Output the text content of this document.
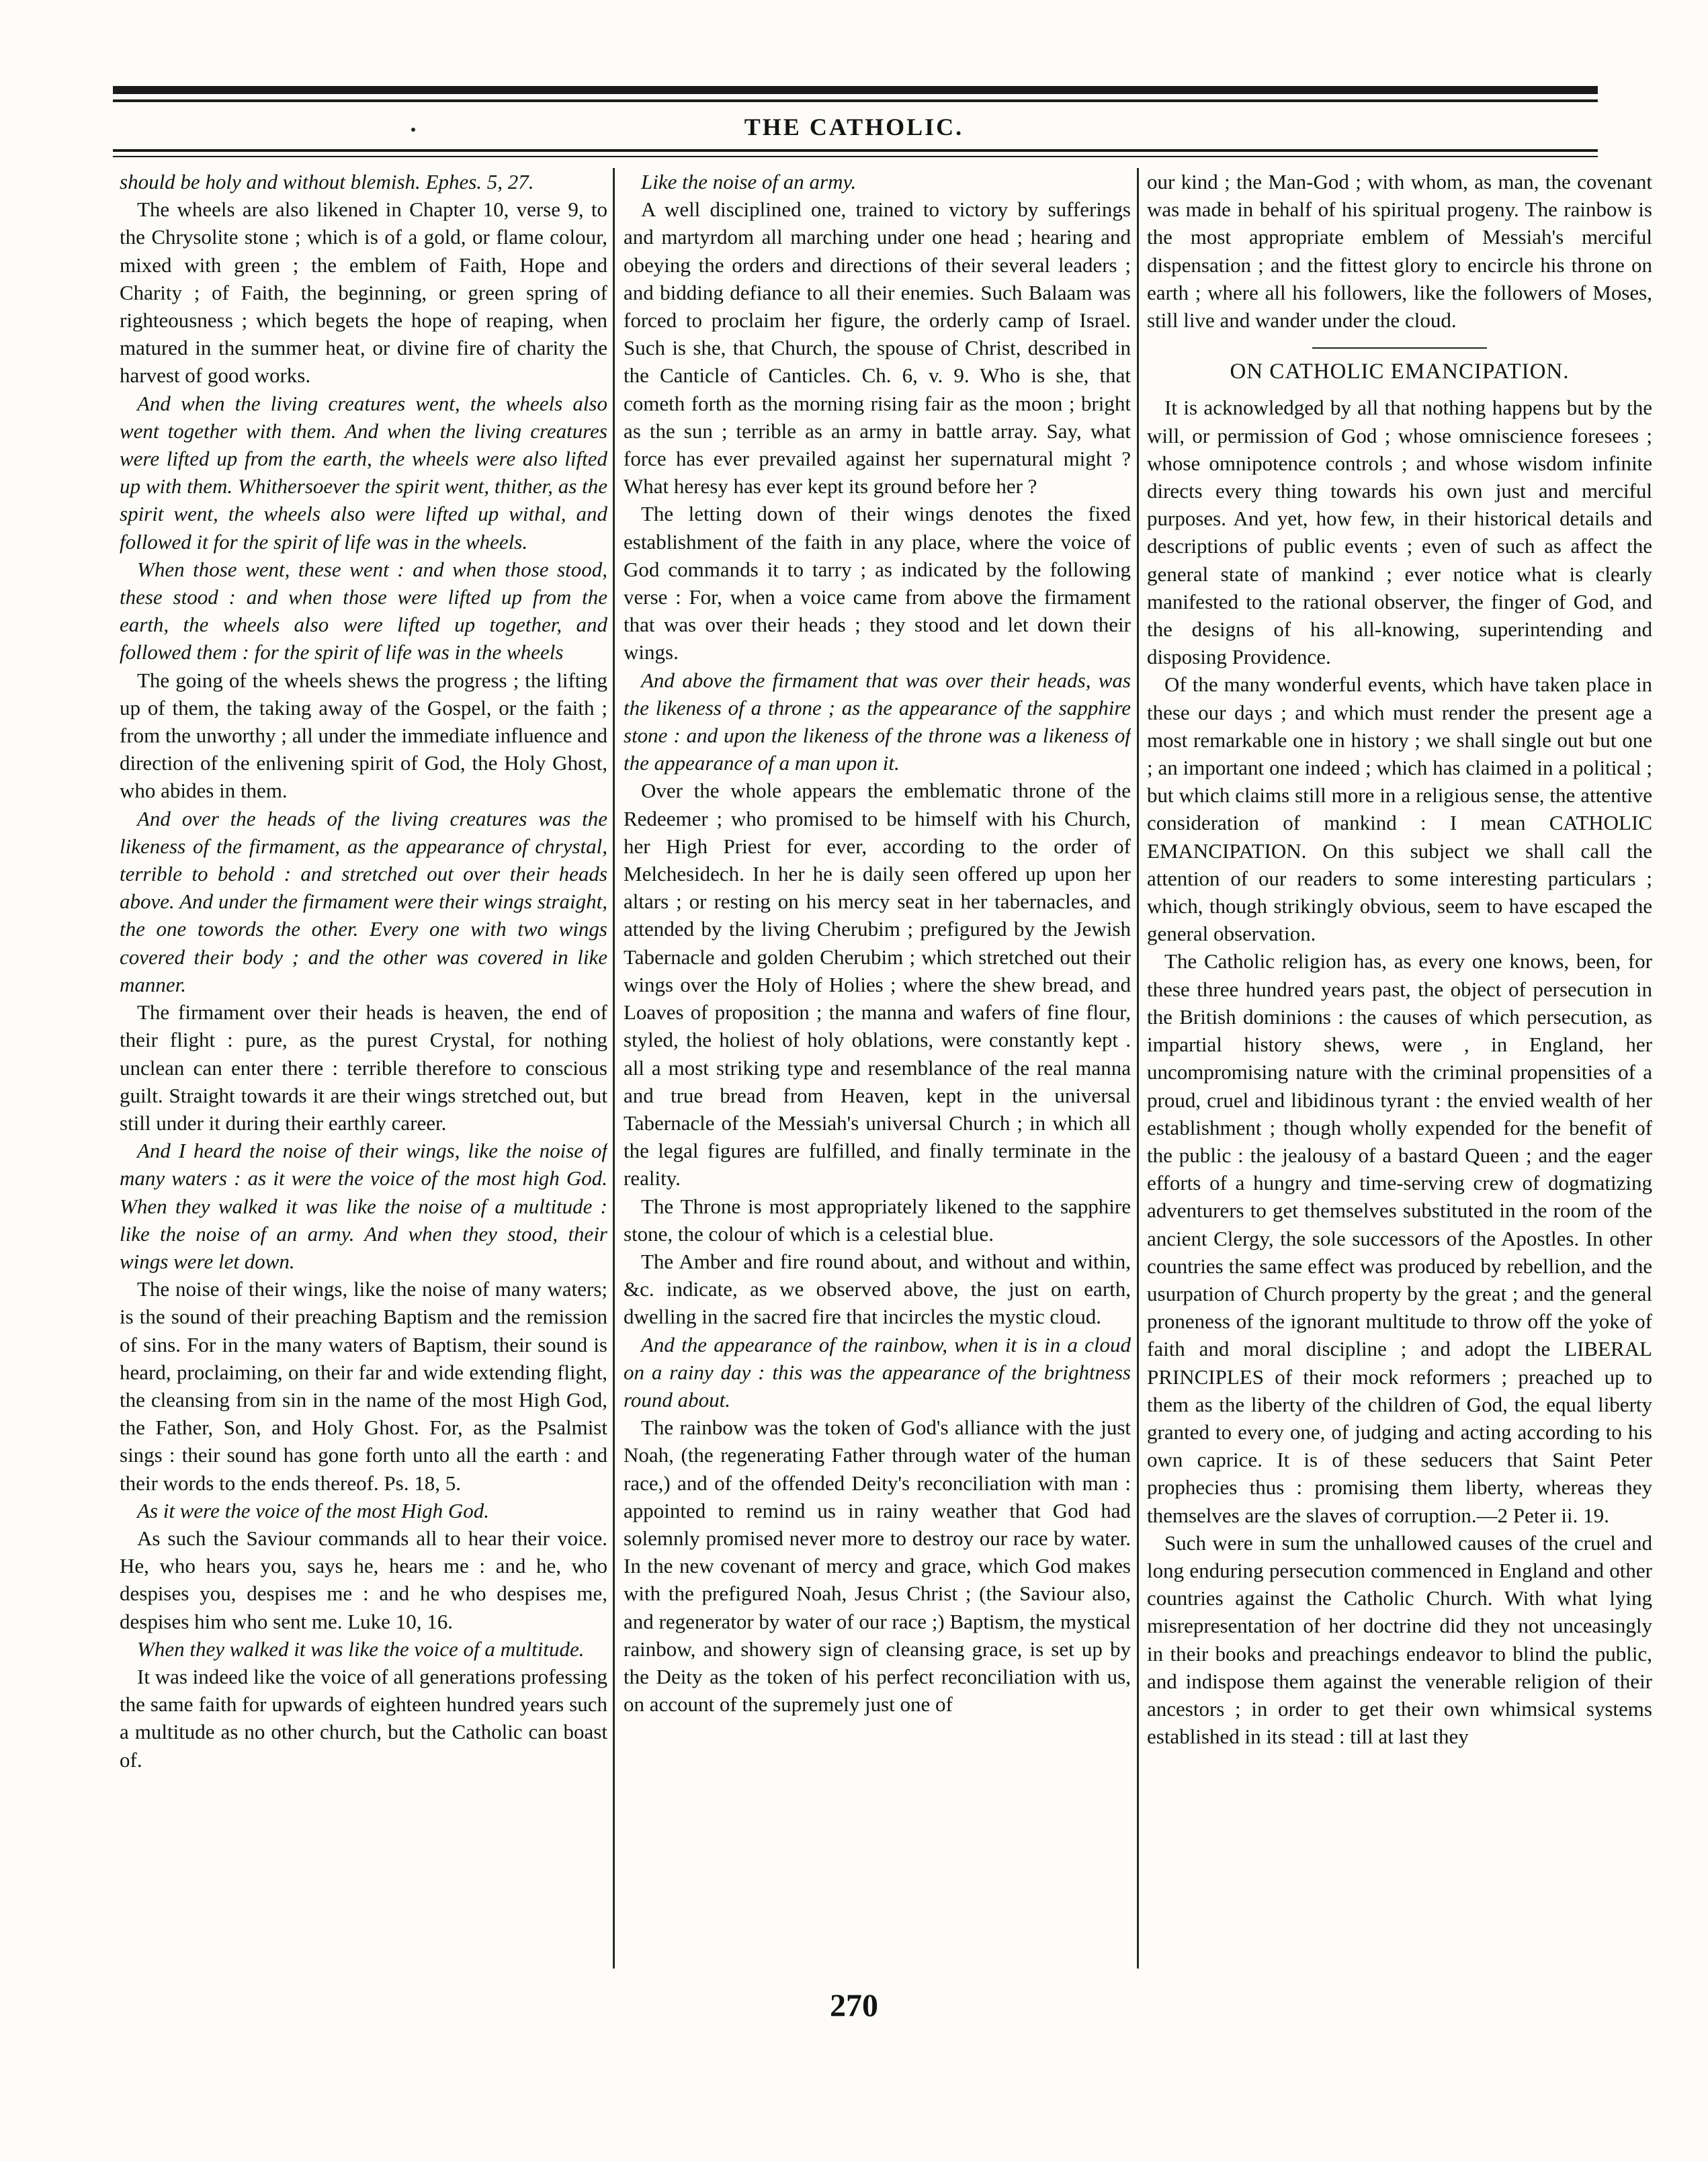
THE CATHOLIC.

should be holy and without blemish. Ephes. 5, 27.

The wheels are also likened in Chapter 10, verse 9, to the Chrysolite stone ; which is of a gold, or flame colour, mixed with green ; the emblem of Faith, Hope and Charity ; of Faith, the beginning, or green spring of righteousness ; which begets the hope of reaping, when matured in the summer heat, or divine fire of charity the harvest of good works.

And when the living creatures went, the wheels also went together with them. And when the living creatures were lifted up from the earth, the wheels were also lifted up with them. Whithersoever the spirit went, thither, as the spirit went, the wheels also were lifted up withal, and followed it for the spirit of life was in the wheels.

When those went, these went : and when those stood, these stood : and when those were lifted up from the earth, the wheels also were lifted up together, and followed them : for the spirit of life was in the wheels

The going of the wheels shews the progress ; the lifting up of them, the taking away of the Gospel, or the faith ; from the unworthy ; all under the immediate influence and direction of the enlivening spirit of God, the Holy Ghost, who abides in them.

And over the heads of the living creatures was the likeness of the firmament, as the appearance of chrystal, terrible to behold : and stretched out over their heads above. And under the firmament were their wings straight, the one towords the other. Every one with two wings covered their body ; and the other was covered in like manner.

The firmament over their heads is heaven, the end of their flight : pure, as the purest Crystal, for nothing unclean can enter there : terrible therefore to conscious guilt. Straight towards it are their wings stretched out, but still under it during their earthly career.

And I heard the noise of their wings, like the noise of many waters : as it were the voice of the most high God. When they walked it was like the noise of a multitude : like the noise of an army. And when they stood, their wings were let down.

The noise of their wings, like the noise of many waters; is the sound of their preaching Baptism and the remission of sins. For in the many waters of Baptism, their sound is heard, proclaiming, on their far and wide extending flight, the cleansing from sin in the name of the most High God, the Father, Son, and Holy Ghost. For, as the Psalmist sings : their sound has gone forth unto all the earth : and their words to the ends thereof. Ps. 18, 5.

As it were the voice of the most High God.

As such the Saviour commands all to hear their voice. He, who hears you, says he, hears me : and he, who despises you, despises me : and he who despises me, despises him who sent me. Luke 10, 16.

When they walked it was like the voice of a multitude.

It was indeed like the voice of all generations professing the same faith for upwards of eighteen hundred years such a multitude as no other church, but the Catholic can boast of.

Like the noise of an army.

A well disciplined one, trained to victory by sufferings and martyrdom all marching under one head ; hearing and obeying the orders and directions of their several leaders ; and bidding defiance to all their enemies. Such Balaam was forced to proclaim her figure, the orderly camp of Israel. Such is she, that Church, the spouse of Christ, described in the Canticle of Canticles. Ch. 6, v. 9. Who is she, that cometh forth as the morning rising fair as the moon ; bright as the sun ; terrible as an army in battle array. Say, what force has ever prevailed against her supernatural might ? What heresy has ever kept its ground before her ?

The letting down of their wings denotes the fixed establishment of the faith in any place, where the voice of God commands it to tarry ; as indicated by the following verse : For, when a voice came from above the firmament that was over their heads ; they stood and let down their wings.

And above the firmament that was over their heads, was the likeness of a throne ; as the appearance of the sapphire stone : and upon the likeness of the throne was a likeness of the appearance of a man upon it.

Over the whole appears the emblematic throne of the Redeemer ; who promised to be himself with his Church, her High Priest for ever, according to the order of Melchesidech. In her he is daily seen offered up upon her altars ; or resting on his mercy seat in her tabernacles, and attended by the living Cherubim ; prefigured by the Jewish Tabernacle and golden Cherubim ; which stretched out their wings over the Holy of Holies ; where the shew bread, and Loaves of proposition ; the manna and wafers of fine flour, styled, the holiest of holy oblations, were constantly kept . all a most striking type and resemblance of the real manna and true bread from Heaven, kept in the universal Tabernacle of the Messiah's universal Church ; in which all the legal figures are fulfilled, and finally terminate in the reality.

The Throne is most appropriately likened to the sapphire stone, the colour of which is a celestial blue.

The Amber and fire round about, and without and within, &c. indicate, as we observed above, the just on earth, dwelling in the sacred fire that incircles the mystic cloud.

And the appearance of the rainbow, when it is in a cloud on a rainy day : this was the appearance of the brightness round about.

The rainbow was the token of God's alliance with the just Noah, (the regenerating Father through water of the human race,) and of the offended Deity's reconciliation with man : appointed to remind us in rainy weather that God had solemnly promised never more to destroy our race by water. In the new covenant of mercy and grace, which God makes with the prefigured Noah, Jesus Christ ; (the Saviour also, and regenerator by water of our race ;) Baptism, the mystical rainbow, and showery sign of cleansing grace, is set up by the Deity as the token of his perfect reconciliation with us, on account of the supremely just one of

our kind ; the Man-God ; with whom, as man, the covenant was made in behalf of his spiritual progeny. The rainbow is the most appropriate emblem of Messiah's merciful dispensation ; and the fittest glory to encircle his throne on earth ; where all his followers, like the followers of Moses, still live and wander under the cloud.

ON CATHOLIC EMANCIPATION.

It is acknowledged by all that nothing happens but by the will, or permission of God ; whose omniscience foresees ; whose omnipotence controls ; and whose wisdom infinite directs every thing towards his own just and merciful purposes. And yet, how few, in their historical details and descriptions of public events ; even of such as affect the general state of mankind ; ever notice what is clearly manifested to the rational observer, the finger of God, and the designs of his all-knowing, superintending and disposing Providence.

Of the many wonderful events, which have taken place in these our days ; and which must render the present age a most remarkable one in history ; we shall single out but one ; an important one indeed ; which has claimed in a political ; but which claims still more in a religious sense, the attentive consideration of mankind : I mean CATHOLIC EMANCIPATION. On this subject we shall call the attention of our readers to some interesting particulars ; which, though strikingly obvious, seem to have escaped the general observation.

The Catholic religion has, as every one knows, been, for these three hundred years past, the object of persecution in the British dominions : the causes of which persecution, as impartial history shews, were , in England, her uncompromising nature with the criminal propensities of a proud, cruel and libidinous tyrant : the envied wealth of her establishment ; though wholly expended for the benefit of the public : the jealousy of a bastard Queen ; and the eager efforts of a hungry and time-serving crew of dogmatizing adventurers to get themselves substituted in the room of the ancient Clergy, the sole successors of the Apostles. In other countries the same effect was produced by rebellion, and the usurpation of Church property by the great ; and the general proneness of the ignorant multitude to throw off the yoke of faith and moral discipline ; and adopt the LIBERAL PRINCIPLES of their mock reformers ; preached up to them as the liberty of the children of God, the equal liberty granted to every one, of judging and acting according to his own caprice. It is of these seducers that Saint Peter prophecies thus : promising them liberty, whereas they themselves are the slaves of corruption.—2 Peter ii. 19.

Such were in sum the unhallowed causes of the cruel and long enduring persecution commenced in England and other countries against the Catholic Church. With what lying misrepresentation of her doctrine did they not unceasingly in their books and preachings endeavor to blind the public, and indispose them against the venerable religion of their ancestors ; in order to get their own whimsical systems established in its stead : till at last they

270
